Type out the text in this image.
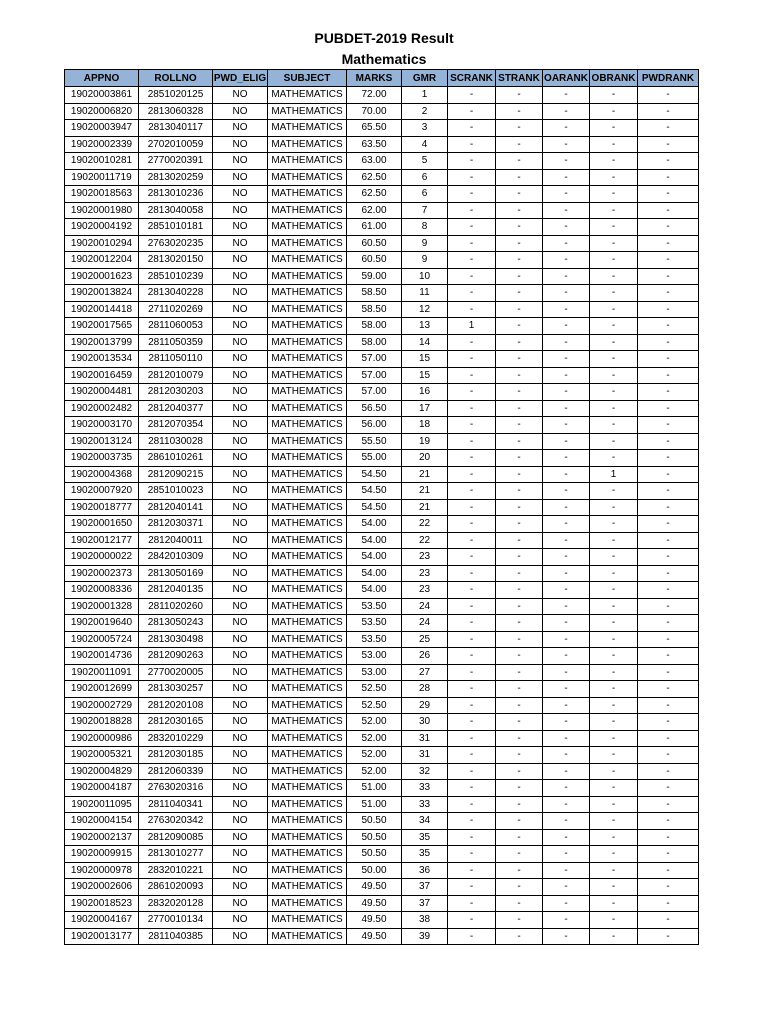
PUBDET-2019 Result
Mathematics
APPNO	ROLLNO	PWD_ELIG	SUBJECT	MARKS	GMR	SCRANK	STRANK	OARANK	OBRANK	PWDRANK
19020003861	2851020125	NO	MATHEMATICS	72.00	1	-	-	-	-	-
19020006820	2813060328	NO	MATHEMATICS	70.00	2	-	-	-	-	-
19020003947	2813040117	NO	MATHEMATICS	65.50	3	-	-	-	-	-
19020002339	2702010059	NO	MATHEMATICS	63.50	4	-	-	-	-	-
19020010281	2770020391	NO	MATHEMATICS	63.00	5	-	-	-	-	-
19020011719	2813020259	NO	MATHEMATICS	62.50	6	-	-	-	-	-
19020018563	2813010236	NO	MATHEMATICS	62.50	6	-	-	-	-	-
19020001980	2813040058	NO	MATHEMATICS	62.00	7	-	-	-	-	-
19020004192	2851010181	NO	MATHEMATICS	61.00	8	-	-	-	-	-
19020010294	2763020235	NO	MATHEMATICS	60.50	9	-	-	-	-	-
19020012204	2813020150	NO	MATHEMATICS	60.50	9	-	-	-	-	-
19020001623	2851010239	NO	MATHEMATICS	59.00	10	-	-	-	-	-
19020013824	2813040228	NO	MATHEMATICS	58.50	11	-	-	-	-	-
19020014418	2711020269	NO	MATHEMATICS	58.50	12	-	-	-	-	-
19020017565	2811060053	NO	MATHEMATICS	58.00	13	1	-	-	-	-
19020013799	2811050359	NO	MATHEMATICS	58.00	14	-	-	-	-	-
19020013534	2811050110	NO	MATHEMATICS	57.00	15	-	-	-	-	-
19020016459	2812010079	NO	MATHEMATICS	57.00	15	-	-	-	-	-
19020004481	2812030203	NO	MATHEMATICS	57.00	16	-	-	-	-	-
19020002482	2812040377	NO	MATHEMATICS	56.50	17	-	-	-	-	-
19020003170	2812070354	NO	MATHEMATICS	56.00	18	-	-	-	-	-
19020013124	2811030028	NO	MATHEMATICS	55.50	19	-	-	-	-	-
19020003735	2861010261	NO	MATHEMATICS	55.00	20	-	-	-	-	-
19020004368	2812090215	NO	MATHEMATICS	54.50	21	-	-	-	1	-
19020007920	2851010023	NO	MATHEMATICS	54.50	21	-	-	-	-	-
19020018777	2812040141	NO	MATHEMATICS	54.50	21	-	-	-	-	-
19020001650	2812030371	NO	MATHEMATICS	54.00	22	-	-	-	-	-
19020012177	2812040011	NO	MATHEMATICS	54.00	22	-	-	-	-	-
19020000022	2842010309	NO	MATHEMATICS	54.00	23	-	-	-	-	-
19020002373	2813050169	NO	MATHEMATICS	54.00	23	-	-	-	-	-
19020008336	2812040135	NO	MATHEMATICS	54.00	23	-	-	-	-	-
19020001328	2811020260	NO	MATHEMATICS	53.50	24	-	-	-	-	-
19020019640	2813050243	NO	MATHEMATICS	53.50	24	-	-	-	-	-
19020005724	2813030498	NO	MATHEMATICS	53.50	25	-	-	-	-	-
19020014736	2812090263	NO	MATHEMATICS	53.00	26	-	-	-	-	-
19020011091	2770020005	NO	MATHEMATICS	53.00	27	-	-	-	-	-
19020012699	2813030257	NO	MATHEMATICS	52.50	28	-	-	-	-	-
19020002729	2812020108	NO	MATHEMATICS	52.50	29	-	-	-	-	-
19020018828	2812030165	NO	MATHEMATICS	52.00	30	-	-	-	-	-
19020000986	2832010229	NO	MATHEMATICS	52.00	31	-	-	-	-	-
19020005321	2812030185	NO	MATHEMATICS	52.00	31	-	-	-	-	-
19020004829	2812060339	NO	MATHEMATICS	52.00	32	-	-	-	-	-
19020004187	2763020316	NO	MATHEMATICS	51.00	33	-	-	-	-	-
19020011095	2811040341	NO	MATHEMATICS	51.00	33	-	-	-	-	-
19020004154	2763020342	NO	MATHEMATICS	50.50	34	-	-	-	-	-
19020002137	2812090085	NO	MATHEMATICS	50.50	35	-	-	-	-	-
19020009915	2813010277	NO	MATHEMATICS	50.50	35	-	-	-	-	-
19020000978	2832010221	NO	MATHEMATICS	50.00	36	-	-	-	-	-
19020002606	2861020093	NO	MATHEMATICS	49.50	37	-	-	-	-	-
19020018523	2832020128	NO	MATHEMATICS	49.50	37	-	-	-	-	-
19020004167	2770010134	NO	MATHEMATICS	49.50	38	-	-	-	-	-
19020013177	2811040385	NO	MATHEMATICS	49.50	39	-	-	-	-	-
